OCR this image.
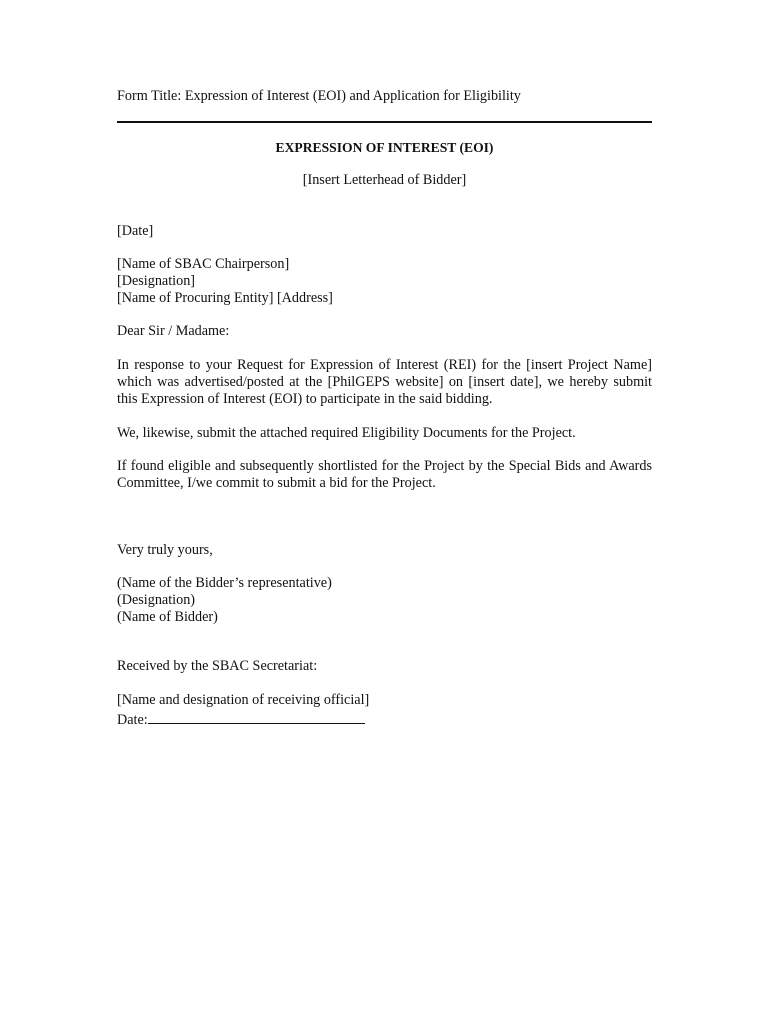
Form Title: Expression of Interest (EOI) and Application for Eligibility
EXPRESSION OF INTEREST (EOI)
[Insert Letterhead of Bidder]
[Date]
[Name of SBAC Chairperson]
[Designation]
[Name of Procuring Entity] [Address]
Dear Sir / Madame:
In response to your Request for Expression of Interest (REI) for the [insert Project Name]
which was advertised/posted at the [PhilGEPS website] on [insert date], we hereby submit
this Expression of Interest (EOI) to participate in the said bidding.
We, likewise, submit the attached required Eligibility Documents for the Project.
If found eligible and subsequently shortlisted for the Project by the Special Bids and Awards
Committee, I/we commit to submit a bid for the Project.
Very truly yours,
(Name of the Bidder’s representative)
(Designation)
(Name of Bidder)
Received by the SBAC Secretariat:
[Name and designation of receiving official]
Date:
